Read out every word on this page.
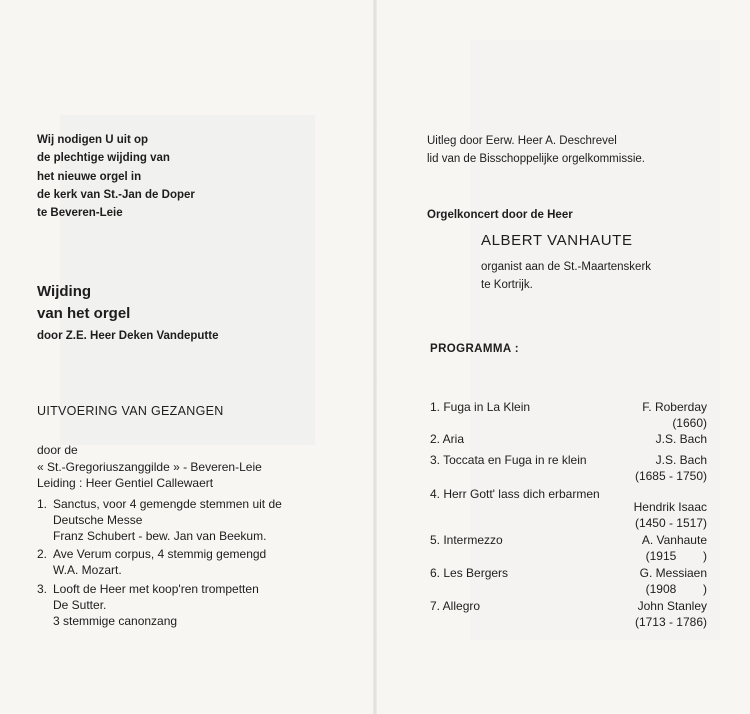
Wij nodigen U uit op
de plechtige wijding van
het nieuwe orgel in
de kerk van St.-Jan de Doper
te Beveren-Leie
Wijding
van het orgel
door Z.E. Heer Deken Vandeputte
UITVOERING VAN GEZANGEN
door de
« St.-Gregoriuszanggilde » - Beveren-Leie
Leiding : Heer Gentiel Callewaert
1. Sanctus, voor 4 gemengde stemmen uit de
Deutsche Messe
Franz Schubert - bew. Jan van Beekum.
2. Ave Verum corpus, 4 stemmig gemengd
W.A. Mozart.
3. Looft de Heer met koop'ren trompetten
De Sutter.
3 stemmige canonzang
Uitleg door Eerw. Heer A. Deschrevel
lid van de Bisschoppelijke orgelkommissie.
Orgelkoncert door de Heer
ALBERT VANHAUTE
organist aan de St.-Maartenskerk
te Kortrijk.
PROGRAMMA :
1. Fuga in La Klein	F. Roberday
(1660)
2. Aria	J.S. Bach
3. Toccata en Fuga in re klein	J.S. Bach
(1685 - 1750)
4. Herr Gott' lass dich erbarmen
Hendrik Isaac
(1450 - 1517)
5. Intermezzo	A. Vanhaute
(1915        )
6. Les Bergers	G. Messiaen
(1908        )
7. Allegro	John Stanley
(1713 - 1786)
